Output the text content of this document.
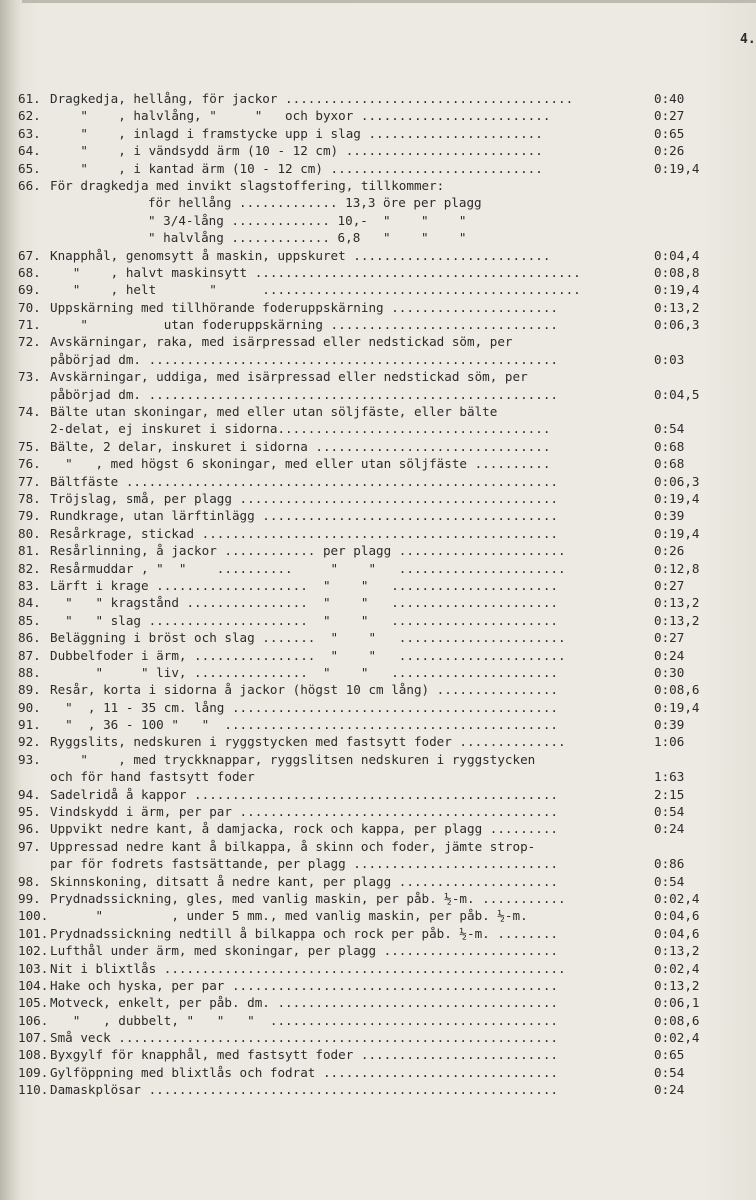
4.
61. Dragkedja, hellång, för jackor ......................................	0:40
62. "    , halvlång, "     "   och byxor .........................	0:27
63. "    , inlagd i framstycke upp i slag .......................	0:65
64. "    , i vändsydd ärm (10 - 12 cm) ..........................	0:26
65. "    , i kantad ärm (10 - 12 cm) ............................	0:19,4
66. För dragkedja med invikt slagstoffering, tillkommer:
för hellång ............. 13,3 öre per plagg
" 3/4-lång ............. 10,-  "    "    "
" halvlång ............. 6,8   "    "    "
67. Knapphål, genomsytt å maskin, uppskuret ..........................	0:04,4
68. "    , halvt maskinsytt ...........................................	0:08,8
69. "    , helt       "      ..........................................	0:19,4
70. Uppskärning med tillhörande foderuppskärning ......................	0:13,2
71. "          utan foderuppskärning ..............................	0:06,3
72. Avskärningar, raka, med isärpressad eller nedstickad söm, per
påbörjad dm. ......................................................	0:03
73. Avskärningar, uddiga, med isärpressad eller nedstickad söm, per
påbörjad dm. ......................................................	0:04,5
74. Bälte utan skoningar, med eller utan söljfäste, eller bälte
2-delat, ej inskuret i sidorna....................................	0:54
75. Bälte, 2 delar, inskuret i sidorna ...............................	0:68
76. "   , med högst 6 skoningar, med eller utan söljfäste ..........	0:68
77. Bältfäste .........................................................	0:06,3
78. Tröjslag, små, per plagg ..........................................	0:19,4
79. Rundkrage, utan lärftinlägg .......................................	0:39
80. Resårkrage, stickad ...............................................	0:19,4
81. Resårlinning, å jackor ............ per plagg ......................	0:26
82. Resårmuddar , "  "    ..........     "    "   ......................	0:12,8
83. Lärft i krage ....................  "    "   ......................	0:27
84. "   " kragstånd ................  "    "   ......................	0:13,2
85. "   " slag .....................  "    "   ......................	0:13,2
86. Beläggning i bröst och slag .......  "    "   ......................	0:27
87. Dubbelfoder i ärm, ................  "    "   ......................	0:24
88. "     " liv, ...............  "    "   ......................	0:30
89. Resår, korta i sidorna å jackor (högst 10 cm lång) ................	0:08,6
90. "  , 11 - 35 cm. lång ...........................................	0:19,4
91. "  , 36 - 100 "   "  ............................................	0:39
92. Ryggslits, nedskuren i ryggstycken med fastsytt foder ..............	1:06
93. "    , med tryckknappar, ryggslitsen nedskuren i ryggstycken
och för hand fastsytt foder	1:63
94. Sadelridå å kappor ................................................	2:15
95. Vindskydd i ärm, per par ..........................................	0:54
96. Uppvikt nedre kant, å damjacka, rock och kappa, per plagg .........	0:24
97. Uppressad nedre kant å bilkappa, å skinn och foder, jämte strop-
par för fodrets fastsättande, per plagg ...........................	0:86
98. Skinnskoning, ditsatt å nedre kant, per plagg .....................	0:54
99. Prydnadssickning, gles, med vanlig maskin, per påb. ½-m. ...........	0:02,4
100. "         , under 5 mm., med vanlig maskin, per påb. ½-m.	0:04,6
101. Prydnadssickning nedtill å bilkappa och rock per påb. ½-m. ........	0:04,6
102. Lufthål under ärm, med skoningar, per plagg .......................	0:13,2
103. Nit i blixtlås .....................................................	0:02,4
104. Hake och hyska, per par ...........................................	0:13,2
105. Motveck, enkelt, per påb. dm. .....................................	0:06,1
106. "   , dubbelt, "   "   "  ......................................	0:08,6
107. Små veck ..........................................................	0:02,4
108. Byxgylf för knapphål, med fastsytt foder ..........................	0:65
109. Gylföppning med blixtlås och fodrat ...............................	0:54
110. Damaskplösar ......................................................	0:24
